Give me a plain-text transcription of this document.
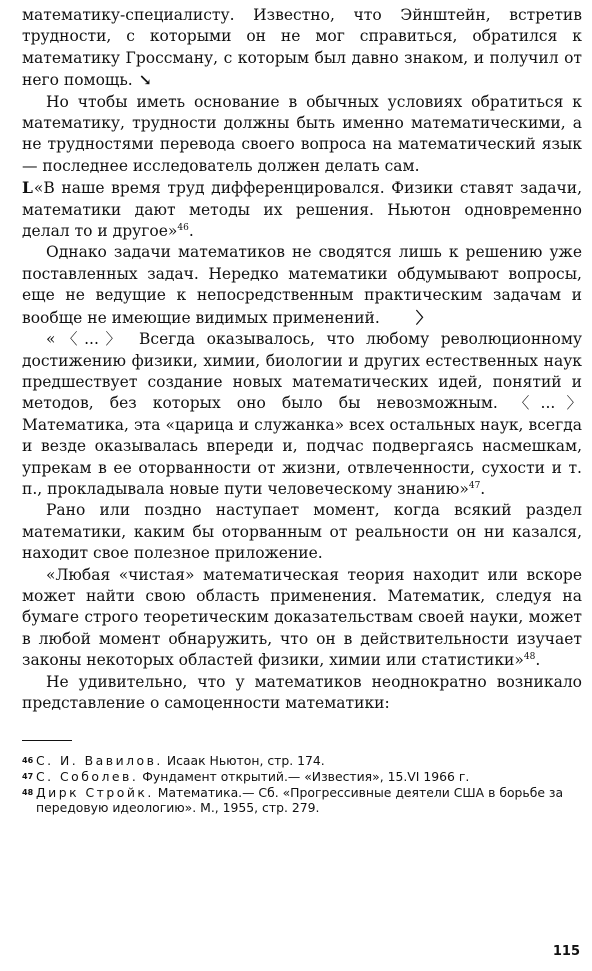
математику-специалисту. Известно, что Эйнштейн, встретив трудности, с которыми он не мог справиться, обратился к математику Гроссману, с которым был давно знаком, и получил от него помощь. ↘

Но чтобы иметь основание в обычных условиях обратиться к математику, трудности должны быть именно математическими, а не трудностями перевода своего вопроса на математический язык — последнее исследователь должен делать сам.

L«В наше время труд дифференцировался. Физики ставят задачи, математики дают методы их решения. Ньютон одновременно делал то и другое»$^{46}$.

Однако задачи математиков не сводятся лишь к решению уже поставленных задач. Нередко математики обдумывают вопросы, еще не ведущие к непосредственным практическим задачам и вообще не имеющие видимых применений. 〉

«〈...〉 Всегда оказывалось, что любому революционному достижению физики, химии, биологии и других естественных наук предшествует создание новых математических идей, понятий и методов, без которых оно было бы невозможным. 〈...〉 Математика, эта «царица и служанка» всех остальных наук, всегда и везде оказывалась впереди и, подчас подвергаясь насмешкам, упрекам в ее оторванности от жизни, отвлеченности, сухости и т. п., прокладывала новые пути человеческому знанию»$^{47}$.

Рано или поздно наступает момент, когда всякий раздел математики, каким бы оторванным от реальности он ни казался, находит свое полезное приложение.

«Любая «чистая» математическая теория находит или вскоре может найти свою область применения. Математик, следуя на бумаге строго теоретическим доказательствам своей науки, может в любой момент обнаружить, что он в действительности изучает законы некоторых областей физики, химии или статистики»$^{48}$.

Не удивительно, что у математиков неоднократно возникало представление о самоценности математики:

46 С. И. Вавилов. Исаак Ньютон, стр. 174.

47 С. Соболев. Фундамент открытий.— «Известия», 15.VI 1966 г.

48 Дирк Стройк. Математика.— Сб. «Прогрессивные деятели США в борьбе за передовую идеологию». М., 1955, стр. 279.

115
